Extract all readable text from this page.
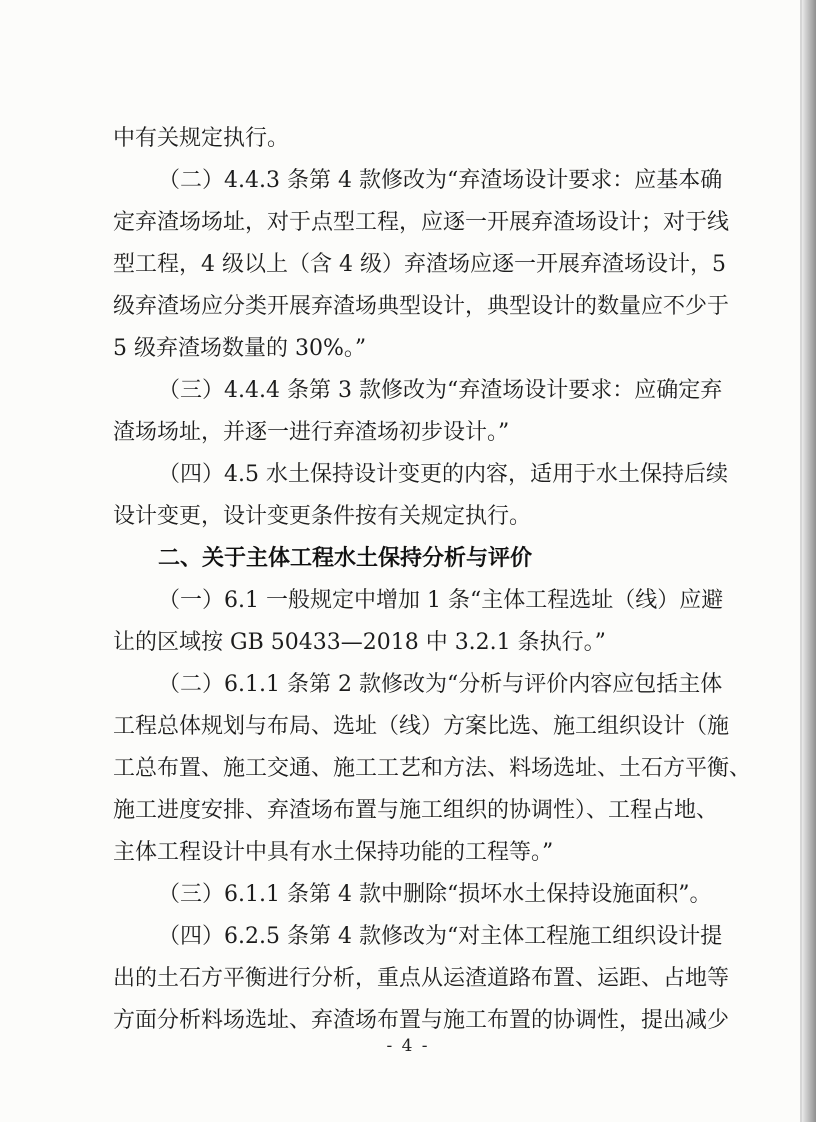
中有关规定执行。
（二）4.4.3 条第 4 款修改为“弃渣场设计要求：应基本确
定弃渣场场址，对于点型工程，应逐一开展弃渣场设计；对于线
型工程，4 级以上（含 4 级）弃渣场应逐一开展弃渣场设计，5
级弃渣场应分类开展弃渣场典型设计，典型设计的数量应不少于
5 级弃渣场数量的 30%。”
（三）4.4.4 条第 3 款修改为“弃渣场设计要求：应确定弃
渣场场址，并逐一进行弃渣场初步设计。”
（四）4.5 水土保持设计变更的内容，适用于水土保持后续
设计变更，设计变更条件按有关规定执行。
二、关于主体工程水土保持分析与评价
（一）6.1 一般规定中增加 1 条“主体工程选址（线）应避
让的区域按 GB 50433—2018 中 3.2.1 条执行。”
（二）6.1.1 条第 2 款修改为“分析与评价内容应包括主体
工程总体规划与布局、选址（线）方案比选、施工组织设计（施
工总布置、施工交通、施工工艺和方法、料场选址、土石方平衡、
施工进度安排、弃渣场布置与施工组织的协调性）、工程占地、
主体工程设计中具有水土保持功能的工程等。”
（三）6.1.1 条第 4 款中删除“损坏水土保持设施面积”。
（四）6.2.5 条第 4 款修改为“对主体工程施工组织设计提
出的土石方平衡进行分析，重点从运渣道路布置、运距、占地等
方面分析料场选址、弃渣场布置与施工布置的协调性，提出减少
- 4 -
